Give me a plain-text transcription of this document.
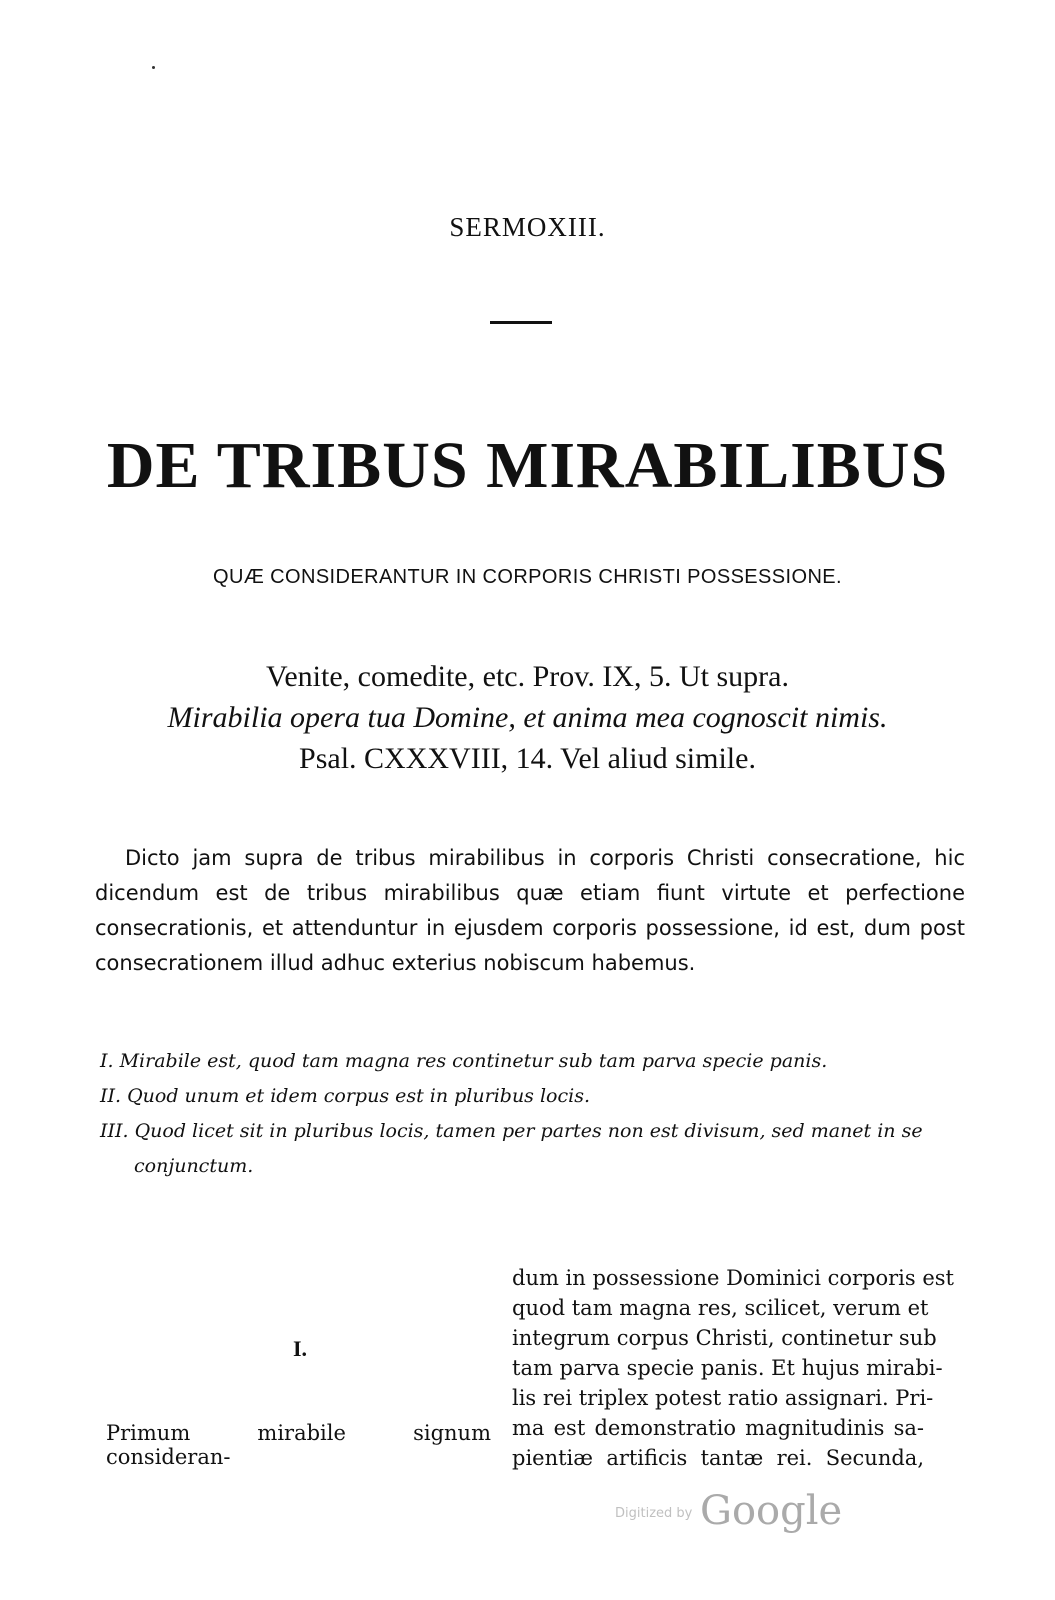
SERMOXIII.
DE TRIBUS MIRABILIBUS
QUÆ CONSIDERANTUR IN CORPORIS CHRISTI POSSESSIONE.
Venite, comedite, etc. Prov. IX, 5. Ut supra.
Mirabilia opera tua Domine, et anima mea cognoscit nimis.
Psal. CXXXVIII, 14. Vel aliud simile.

Dicto jam supra de tribus mirabilibus in corporis Christi consecratione, hic dicendum est de tribus mirabilibus quæ etiam fiunt virtute et perfectione consecrationis, et attenduntur in ejusdem corporis possessione, id est, dum post consecrationem illud adhuc exterius nobiscum habemus.

I. Mirabile est, quod tam magna res continetur sub tam parva specie panis.
II. Quod unum et idem corpus est in pluribus locis.
III. Quod licet sit in pluribus locis, tamen per partes non est divisum, sed manet in se conjunctum.
I.
Primum mirabile signum consideran-
dum in possessione Dominici corporis est
quod tam magna res, scilicet, verum et
integrum corpus Christi, continetur sub
tam parva specie panis. Et hujus mirabi-
lis rei triplex potest ratio assignari. Pri-
ma est demonstratio magnitudinis sa-
pientiæ artificis tantæ rei. Secunda,
Digitized by Google
